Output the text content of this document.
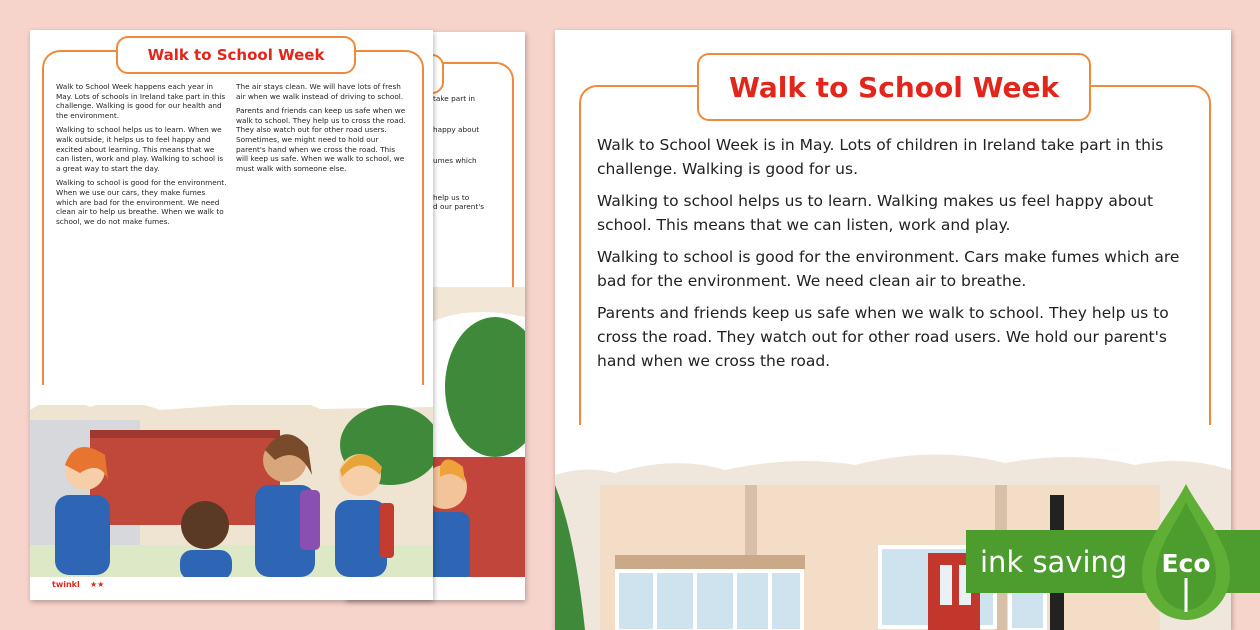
take part in
happy about
umes which
help us to
d our parent's
Walk to School Week

Walk to School Week happens each year in May. Lots of schools in Ireland take part in this challenge. Walking is good for our health and the environment.

Walking to school helps us to learn. When we walk outside, it helps us to feel happy and excited about learning. This means that we can listen, work and play. Walking to school is a great way to start the day.

Walking to school is good for the environment. When we use our cars, they make fumes which are bad for the environment. We need clean air to help us breathe. When we walk to school, we do not make fumes.

The air stays clean. We will have lots of fresh air when we walk instead of driving to school.

Parents and friends can keep us safe when we walk to school. They help us to cross the road. They also watch out for other road users. Sometimes, we might need to hold our parent's hand when we cross the road. This will keep us safe. When we walk to school, we must walk with someone else.

twinkl ★★
Walk to School Week

Walk to School Week is in May. Lots of children in Ireland take part in this challenge. Walking is good for us.

Walking to school helps us to learn. Walking makes us feel happy about school. This means that we can listen, work and play.

Walking to school is good for the environment. Cars make fumes which are bad for the environment. We need clean air to breathe.

Parents and friends keep us safe when we walk to school. They help us to cross the road. They watch out for other road users. We hold our parent's hand when we cross the road.

ink saving Eco
